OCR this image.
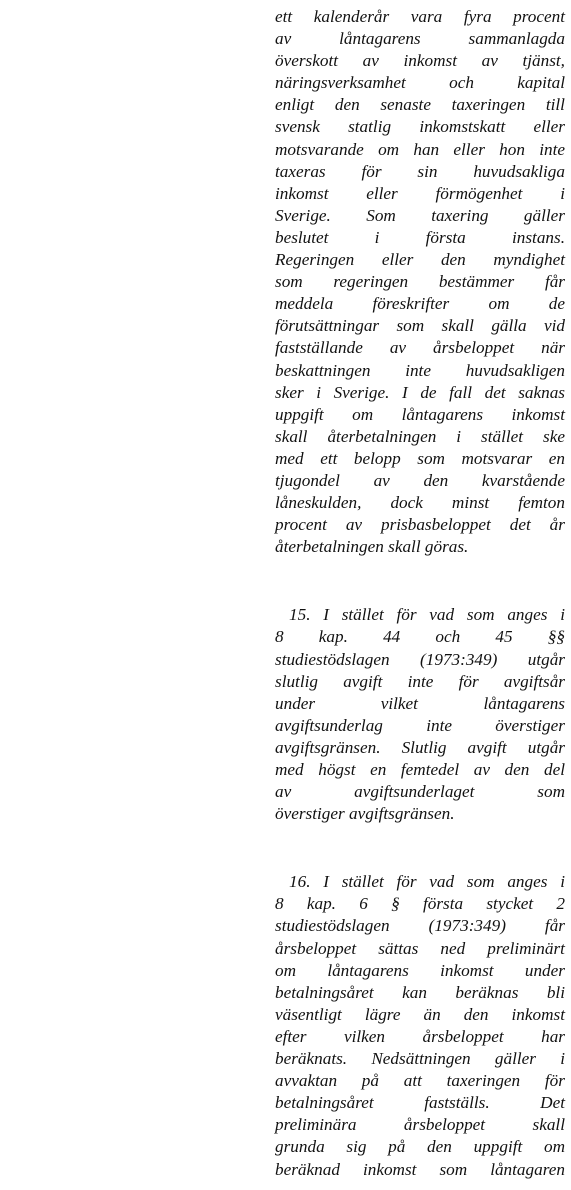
ett kalenderår vara fyra procent
av	låntagarens	sammanlagda
överskott av inkomst av tjänst,
näringsverksamhet	och	kapital
enligt den senaste taxeringen till
svensk statlig inkomstskatt eller
motsvarande om han eller hon inte
taxeras för sin huvudsakliga
inkomst eller förmögenhet i
Sverige. Som taxering gäller
beslutet	i	första	instans.
Regeringen eller den myndighet
som regeringen bestämmer får
meddela föreskrifter om de
förutsättningar som skall gälla vid
fastställande av årsbeloppet när
beskattningen inte huvudsakligen
sker i Sverige. I de fall det saknas
uppgift om låntagarens inkomst
skall återbetalningen i stället ske
med ett belopp som motsvarar en
tjugondel av den kvarstående
låneskulden, dock minst femton
procent av prisbasbeloppet det år
återbetalningen skall göras.
15. I stället för vad som anges i
8 kap. 44 och 45 §§
studiestödslagen (1973:349) utgår
slutlig avgift inte för avgiftsår
under	vilket	låntagarens
avgiftsunderlag	inte	överstiger
avgiftsgränsen. Slutlig avgift utgår
med högst en femtedel av den del
av	avgiftsunderlaget	som
överstiger avgiftsgränsen.
16. I stället för vad som anges i
8 kap. 6 § första stycket 2
studiestödslagen (1973:349) får
årsbeloppet sättas ned preliminärt
om låntagarens inkomst under
betalningsåret kan beräknas bli
väsentligt lägre än den inkomst
efter vilken årsbeloppet har
beräknats. Nedsättningen gäller i
avvaktan på att taxeringen för
betalningsåret	fastställs.	Det
preliminära	årsbeloppet	skall
grunda sig på den uppgift om
beräknad inkomst som låntagaren
